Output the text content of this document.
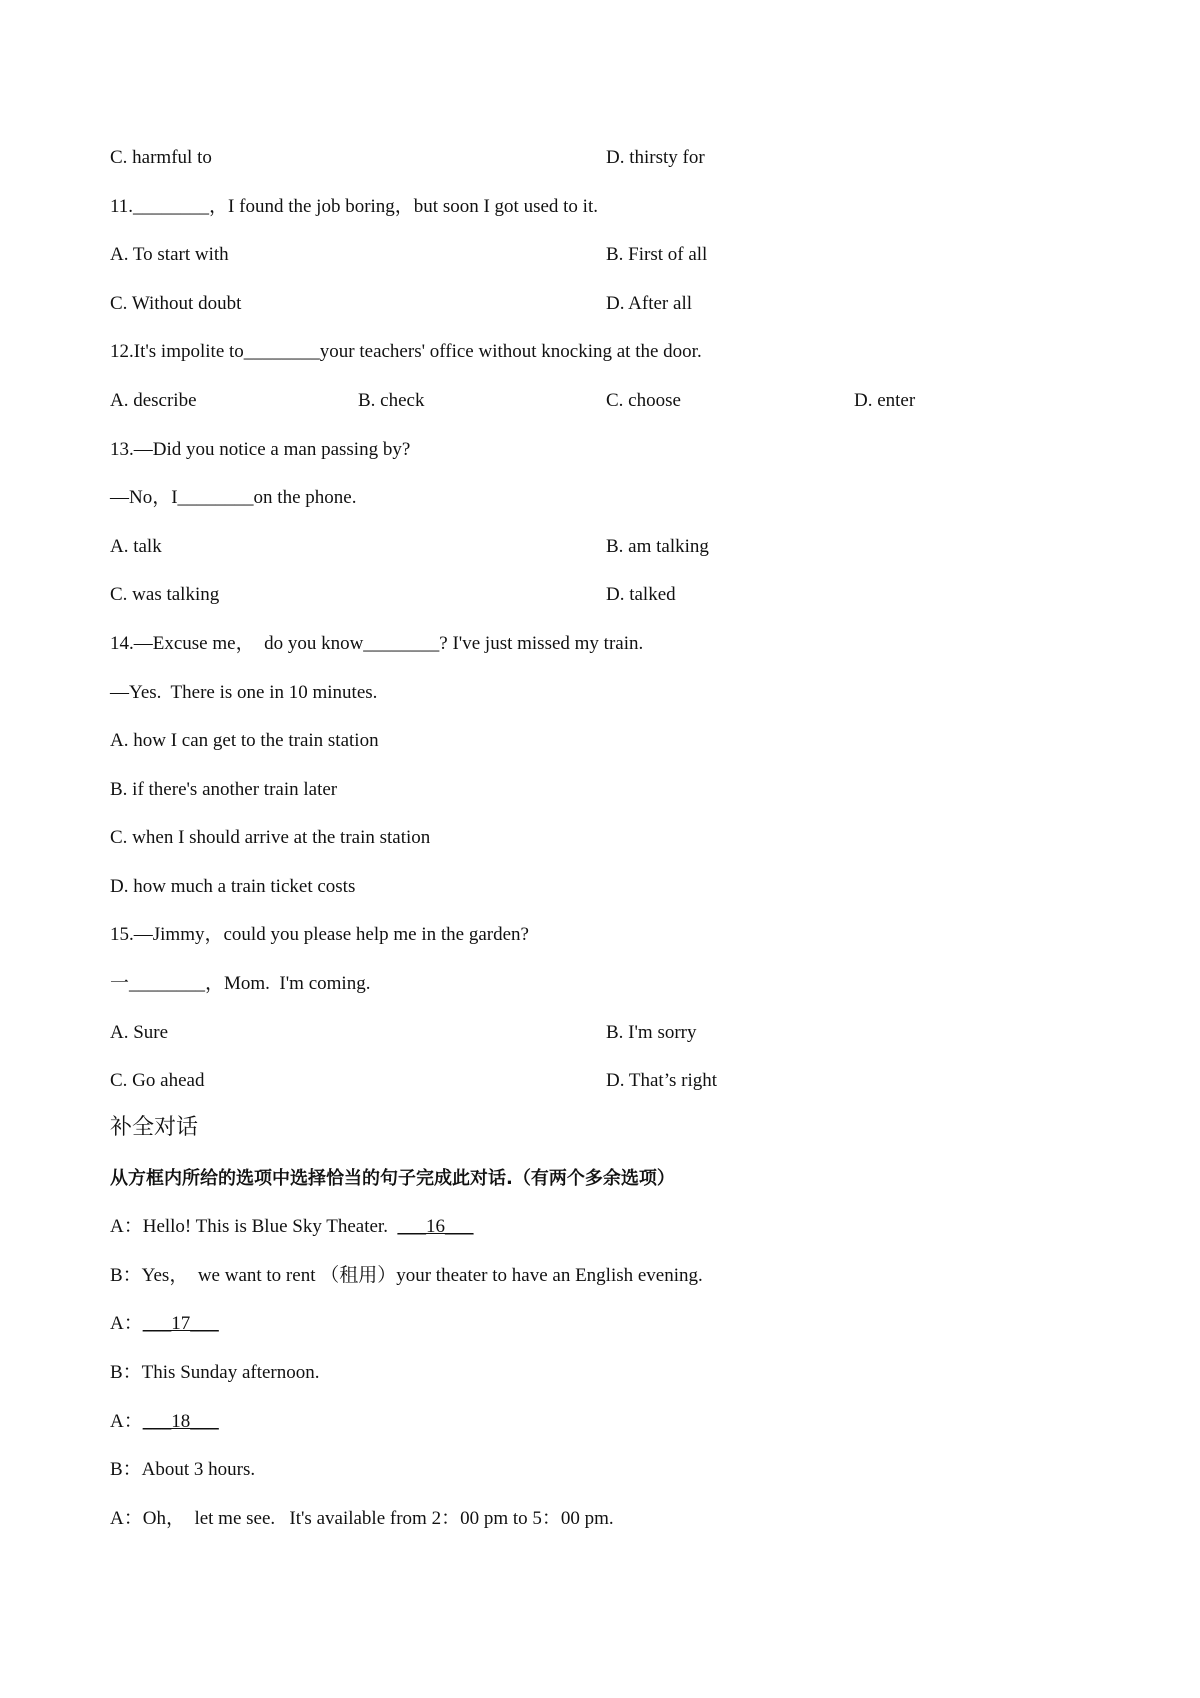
C. harmful to	D. thirsty for
11.________，I found the job boring，but soon I got used to it.
A. To start with	B. First of all
C. Without doubt	D. After all
12.It's impolite to________your teachers' office without knocking at the door.
A. describe	B. check	C. choose	D. enter
13.—Did you notice a man passing by?
—No，I________on the phone.
A. talk	B. am talking
C. was talking	D. talked
14.—Excuse me，  do you know________? I've just missed my train.
—Yes.  There is one in 10 minutes.
A. how I can get to the train station
B. if there's another train later
C. when I should arrive at the train station
D. how much a train ticket costs
15.—Jimmy，could you please help me in the garden?
一________，Mom.  I'm coming.
A. Sure	B. I'm sorry
C. Go ahead	D. That’s right
补全对话
从方框内所给的选项中选择恰当的句子完成此对话.（有两个多余选项）
A：Hello! This is Blue Sky Theater.  ___16___
B：Yes，  we want to rent （租用）your theater to have an English evening.
A：___17___
B：This Sunday afternoon.
A：___18___
B：About 3 hours.
A：Oh，  let me see.   It's available from 2：00 pm to 5：00 pm.
